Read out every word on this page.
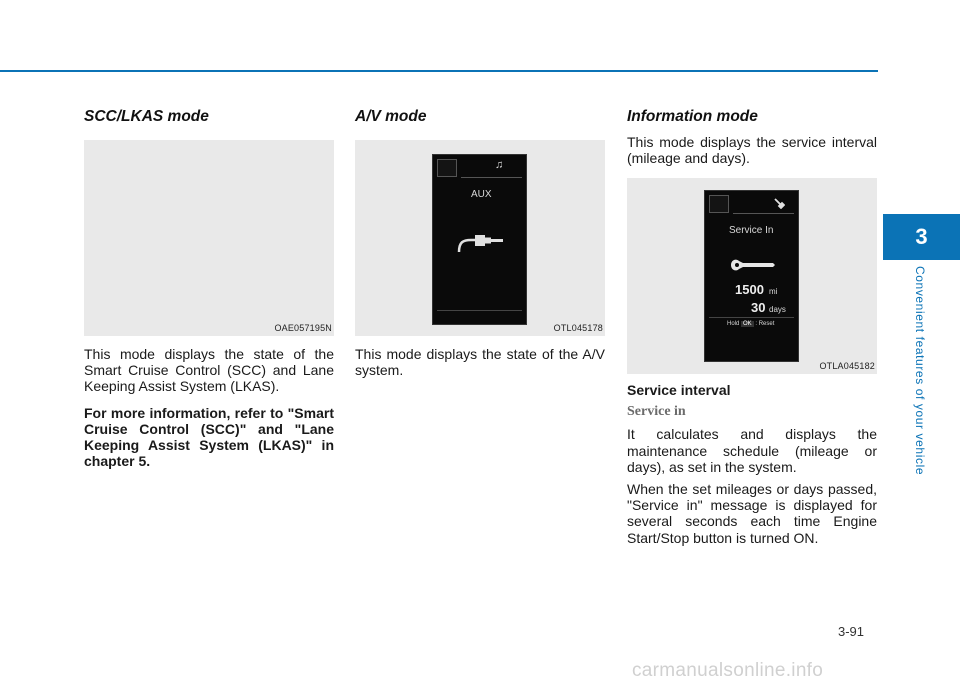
SCC/LKAS mode
OAE057195N

This mode displays the state of the Smart Cruise Control (SCC) and Lane Keeping Assist System (LKAS).

For more information, refer to "Smart Cruise Control (SCC)" and "Lane Keeping Assist System (LKAS)" in chapter 5.

A/V mode
♫
AUX
OTL045178

This mode displays the state of the A/V system.

Information mode

This mode displays the service interval (mileage and days).

Service In
1500 mi
30 days
Hold OK : Reset
OTLA045182
Service interval
Service in

It calculates and displays the maintenance schedule (mileage or days), as set in the system.

When the set mileages or days passed, "Service in" message is displayed for several seconds each time Engine Start/Stop button is turned ON.

3
Convenient features of your vehicle
3-91
carmanualsonline.info
